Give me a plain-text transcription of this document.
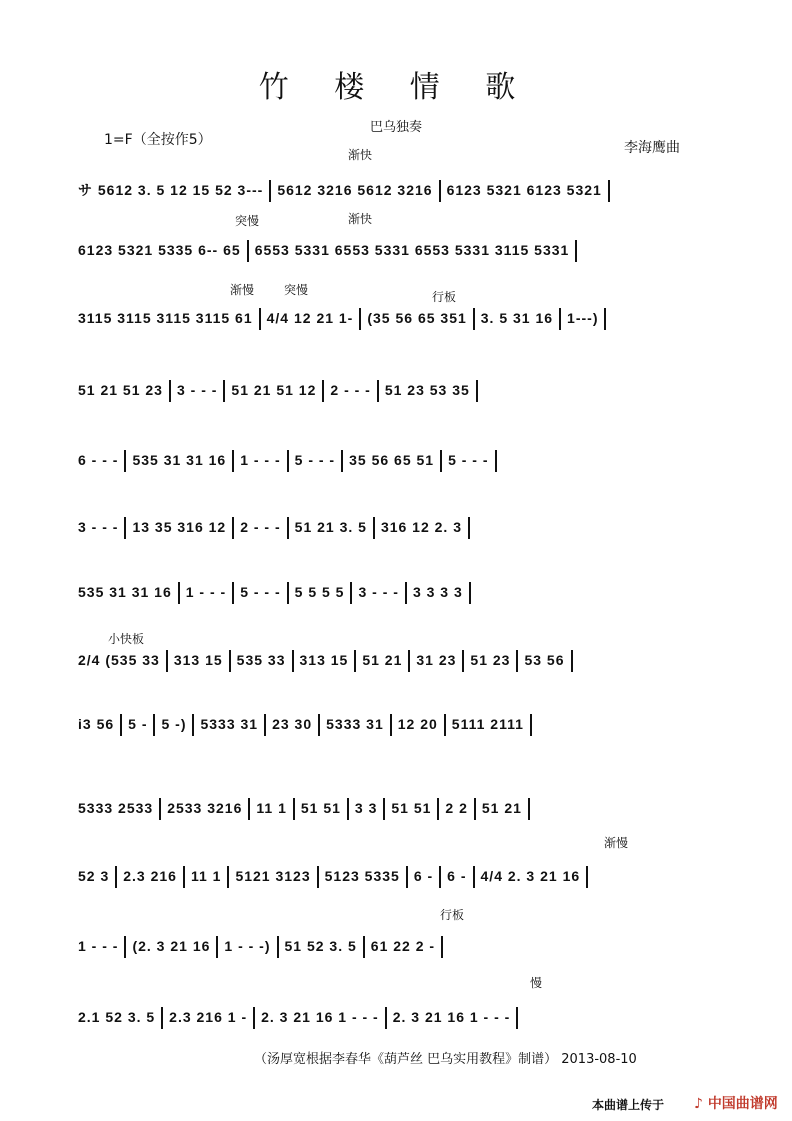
竹 楼 情 歌
巴乌独奏
1=F（全按作5）	李海鹰曲
渐快
突慢	渐快
渐慢 突慢	行板
小快板
渐慢
行板
慢
サ 5612 3. 5 12 15 52 3--- 5612 3216 5612 3216 6123 5321 6123 5321
6123 5321 5335 6-- 65 6553 5331 6553 5331 6553 5331 3115 5331
3115 3115 3115 3115 61 4/4 12 21 1- (35 56 65 351 3. 5 31 16 1---)
51 21 51 23 3 - - - 51 21 51 12 2 - - - 51 23 53 35
6 - - - 535 31 31 16 1 - - - 5 - - - 35 56 65 51 5 - - -
3 - - - 13 35 316 12 2 - - - 51 21 3. 5 316 12 2. 3
535 31 31 16 1 - - - 5 - - - 5 5 5 5 3 - - - 3 3 3 3
2/4 (535 33 313 15 535 33 313 15 51 21 31 23 51 23 53 56
i3 56 5 - 5 -) 5333 31 23 30 5333 31 12 20 5111 2111
5333 2533 2533 3216 11 1 51 51 3 3 51 51 2 2 51 21
52 3 2.3 216 11 1 5121 3123 5123 5335 6 - 6 - 4/4 2. 3 21 16
1 - - - (2. 3 21 16 1 - - -) 51 52 3. 5 61 22 2 -
2.1 52 3. 5 2.3 216 1 - 2. 3 21 16 1 - - - 2. 3 21 16 1 - - -
（汤厚宽根据李春华《葫芦丝 巴乌实用教程》制谱） 2013-08-10
本曲谱上传于 ♪ 中国曲谱网
